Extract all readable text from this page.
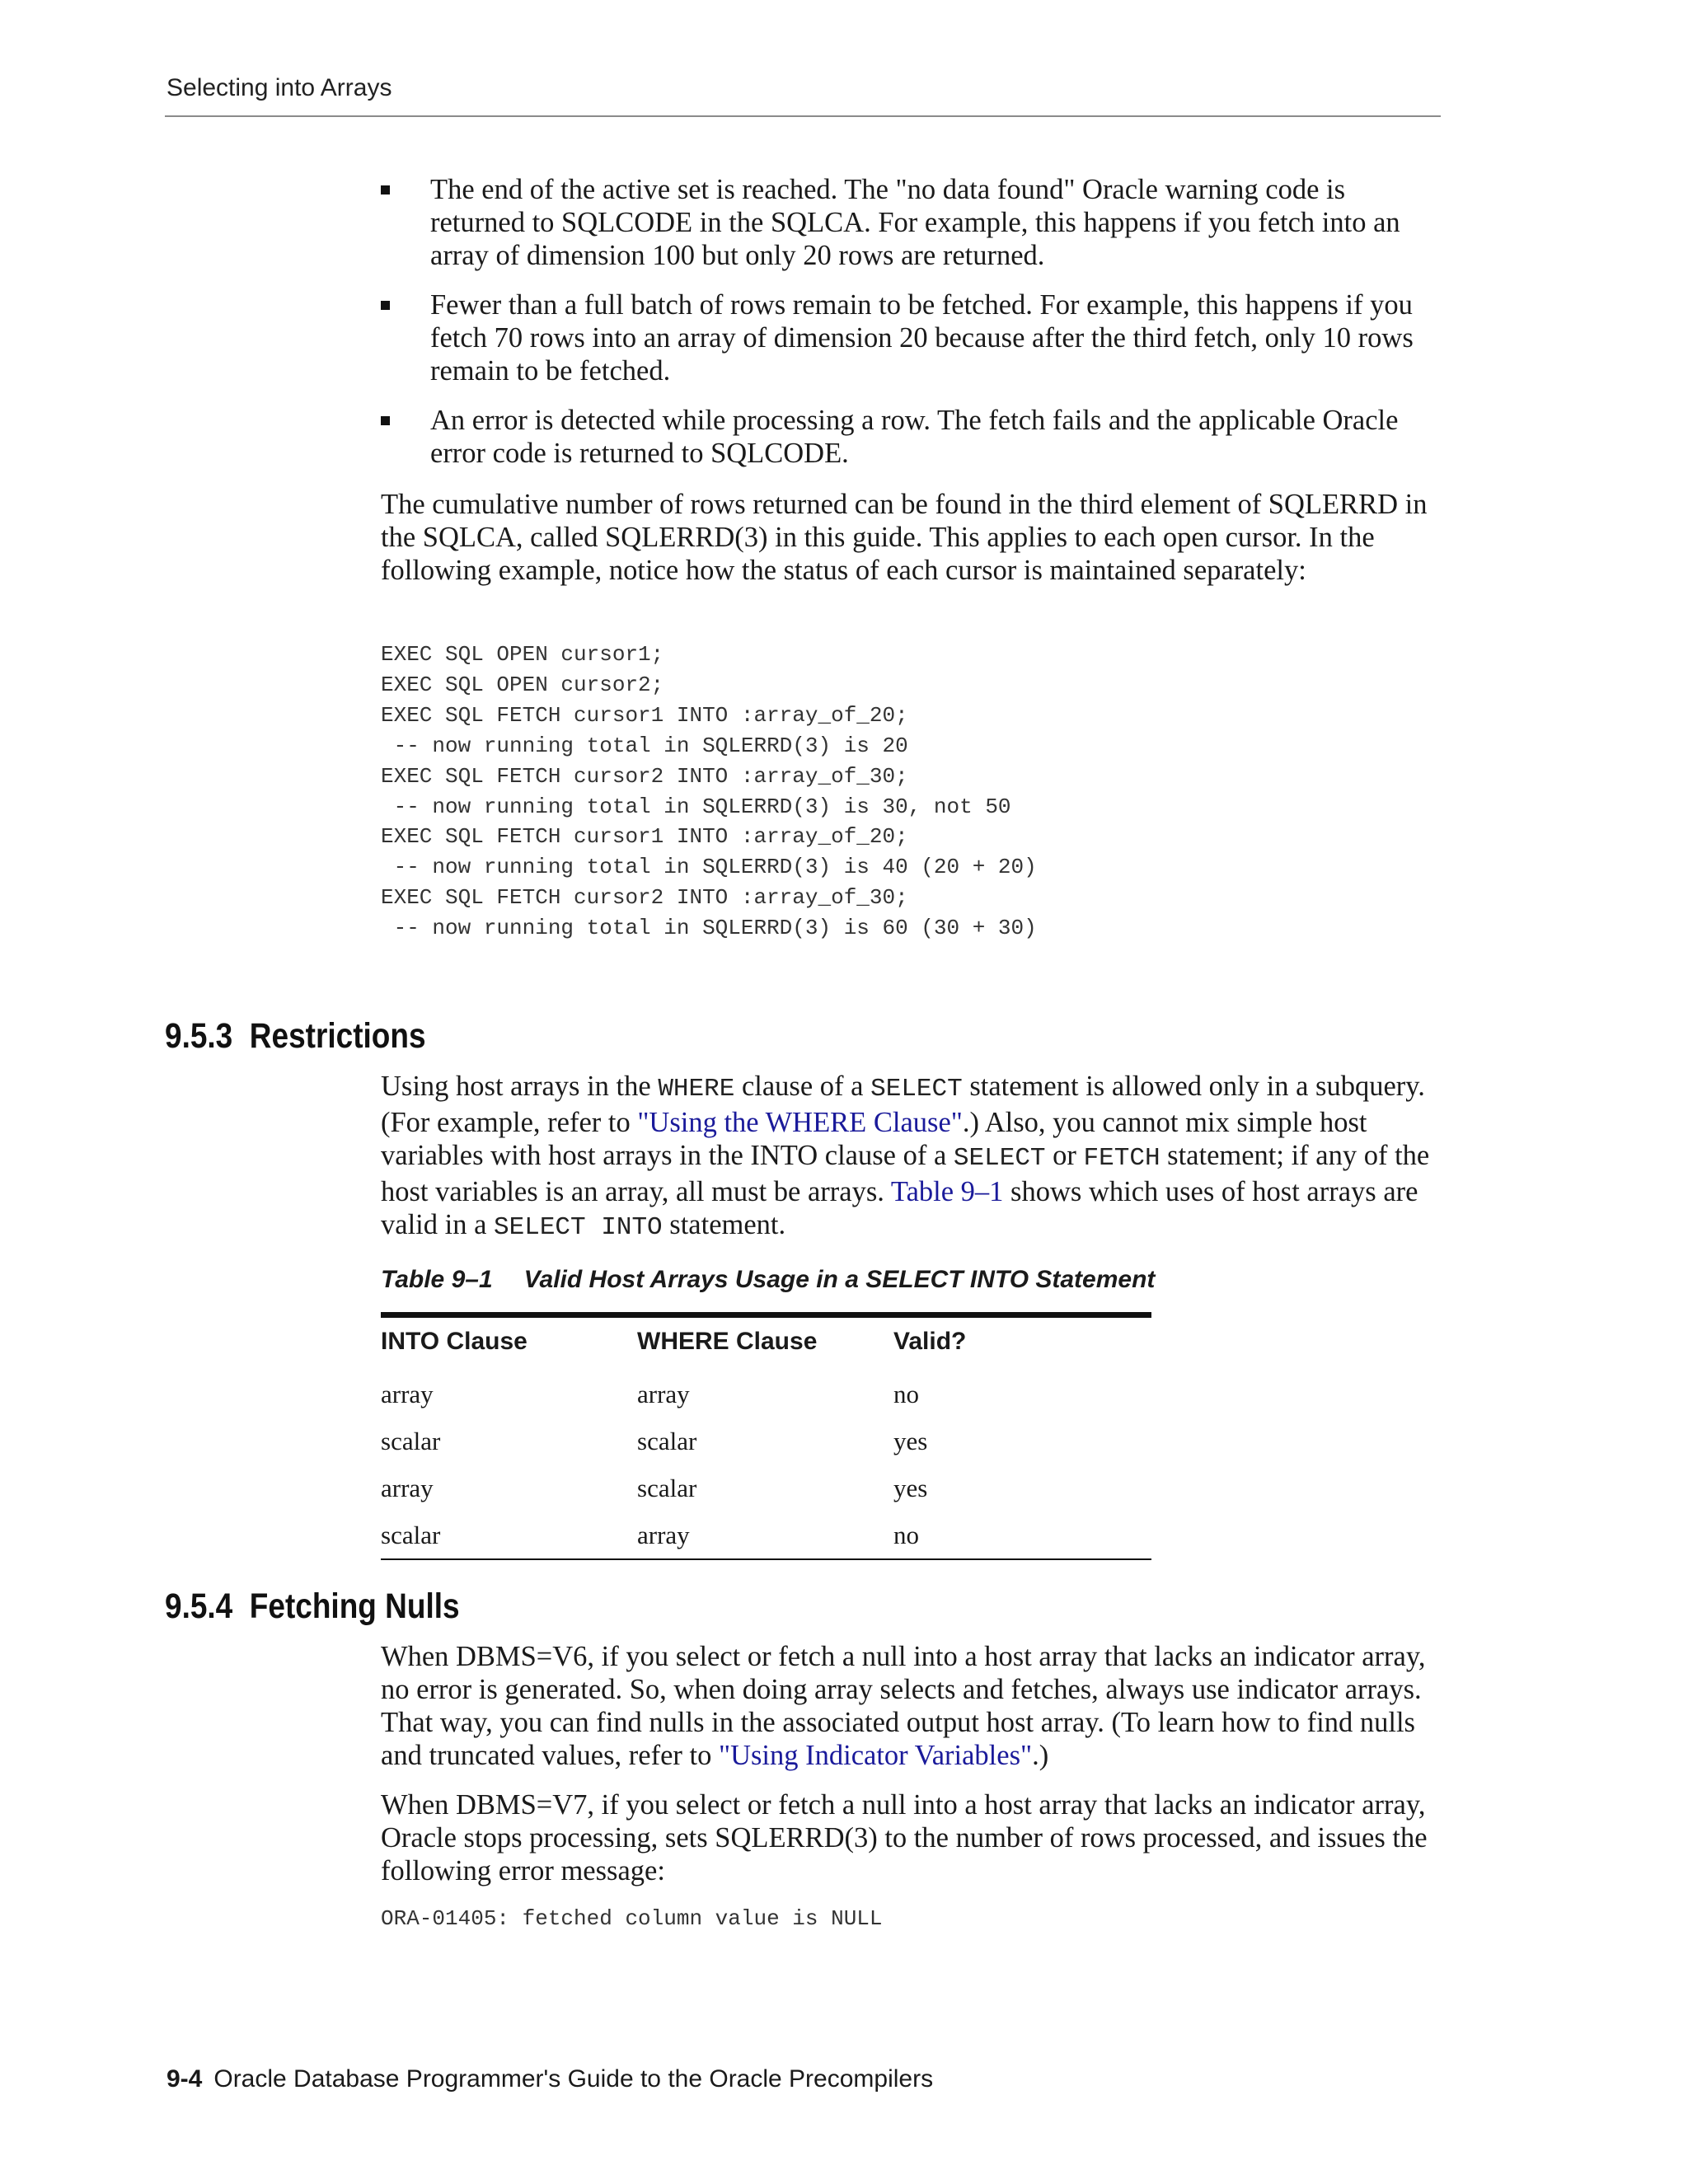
Selecting into Arrays
The end of the active set is reached. The "no data found" Oracle warning code is returned to SQLCODE in the SQLCA. For example, this happens if you fetch into an array of dimension 100 but only 20 rows are returned.
Fewer than a full batch of rows remain to be fetched. For example, this happens if you fetch 70 rows into an array of dimension 20 because after the third fetch, only 10 rows remain to be fetched.
An error is detected while processing a row. The fetch fails and the applicable Oracle error code is returned to SQLCODE.

The cumulative number of rows returned can be found in the third element of SQLERRD in the SQLCA, called SQLERRD(3) in this guide. This applies to each open cursor. In the following example, notice how the status of each cursor is maintained separately:

EXEC SQL OPEN cursor1;
EXEC SQL OPEN cursor2;
EXEC SQL FETCH cursor1 INTO :array_of_20;
-- now running total in SQLERRD(3) is 20
EXEC SQL FETCH cursor2 INTO :array_of_30;
-- now running total in SQLERRD(3) is 30, not 50
EXEC SQL FETCH cursor1 INTO :array_of_20;
-- now running total in SQLERRD(3) is 40 (20 + 20)
EXEC SQL FETCH cursor2 INTO :array_of_30;
-- now running total in SQLERRD(3) is 60 (30 + 30)
9.5.3 Restrictions

Using host arrays in the WHERE clause of a SELECT statement is allowed only in a subquery. (For example, refer to "Using the WHERE Clause".) Also, you cannot mix simple host variables with host arrays in the INTO clause of a SELECT or FETCH statement; if any of the host variables is an array, all must be arrays. Table 9–1 shows which uses of host arrays are valid in a SELECT INTO statement.

Table 9–1 Valid Host Arrays Usage in a SELECT INTO Statement
INTO Clause	WHERE Clause	Valid?
array	array	no
scalar	scalar	yes
array	scalar	yes
scalar	array	no
9.5.4 Fetching Nulls

When DBMS=V6, if you select or fetch a null into a host array that lacks an indicator array, no error is generated. So, when doing array selects and fetches, always use indicator arrays. That way, you can find nulls in the associated output host array. (To learn how to find nulls and truncated values, refer to "Using Indicator Variables".)

When DBMS=V7, if you select or fetch a null into a host array that lacks an indicator array, Oracle stops processing, sets SQLERRD(3) to the number of rows processed, and issues the following error message:

ORA-01405: fetched column value is NULL
9-4 Oracle Database Programmer's Guide to the Oracle Precompilers
